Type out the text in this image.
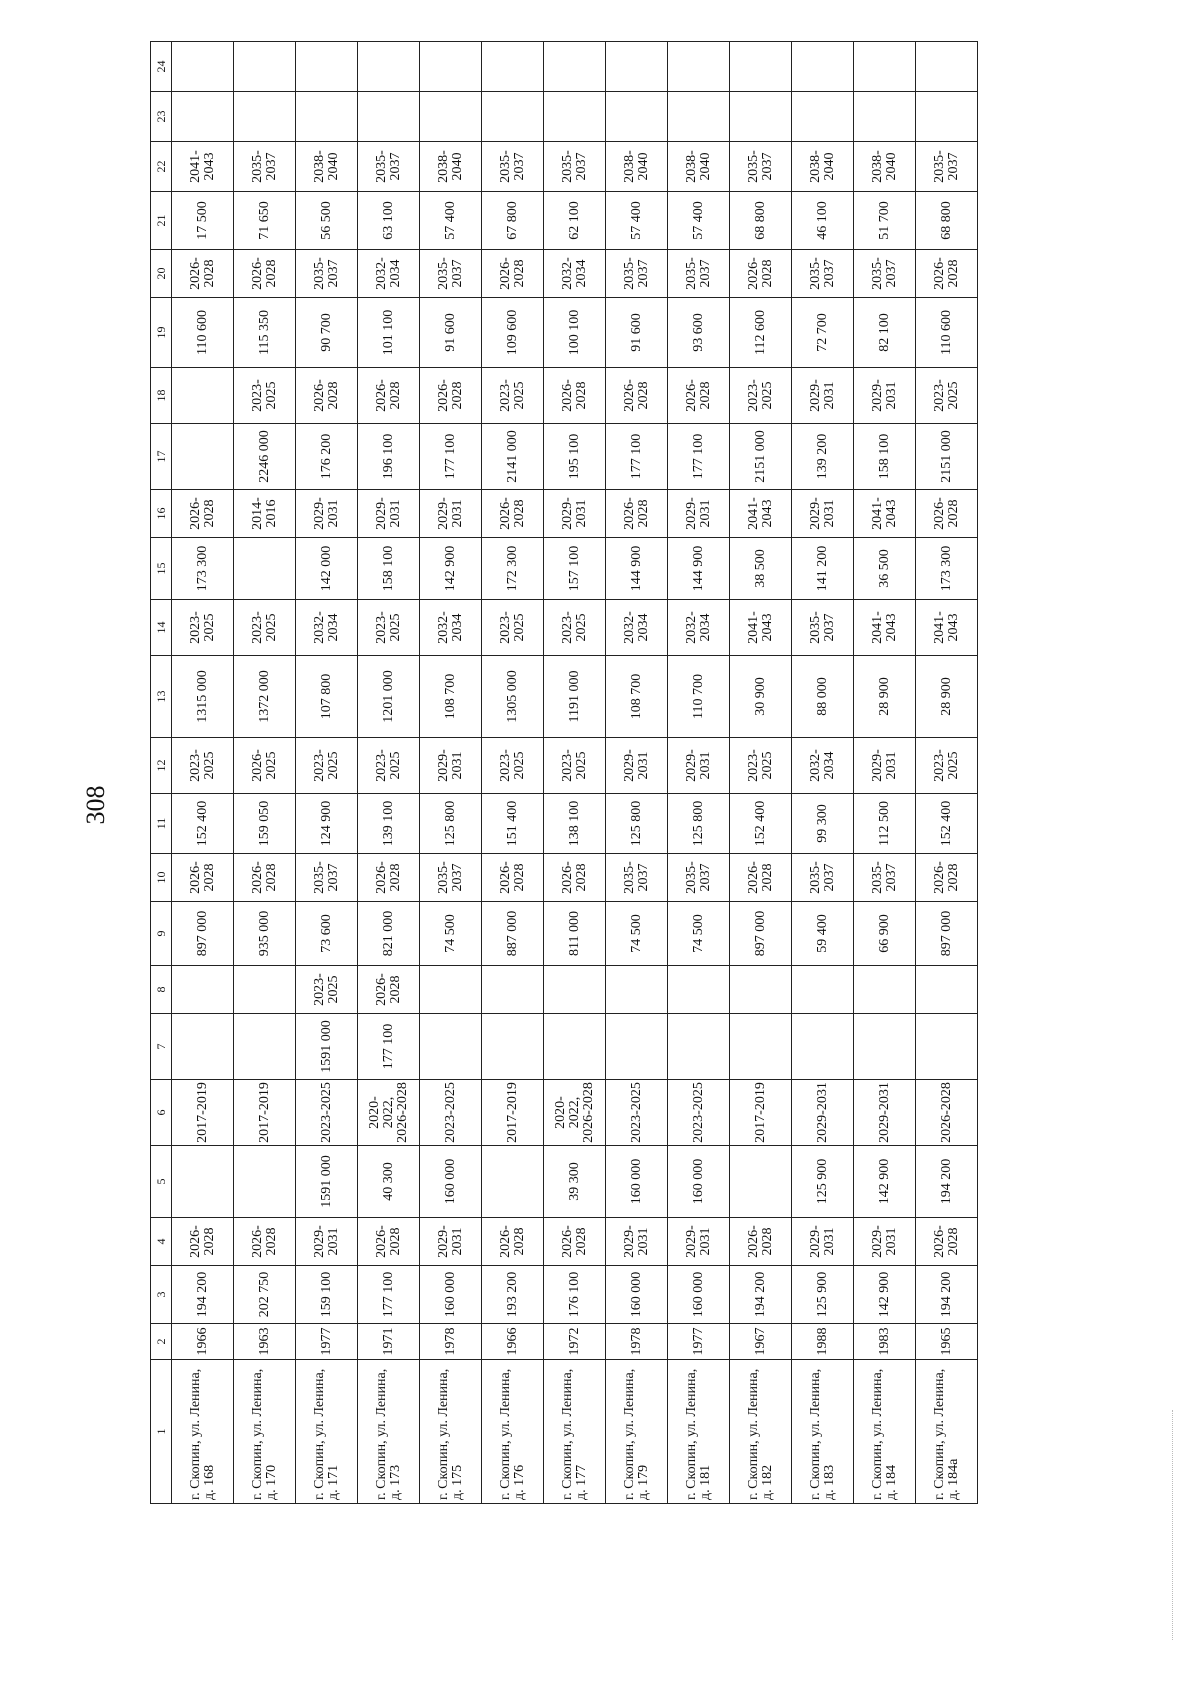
308
1	2	3	4	5	6	7	8	9	10	11	12	13	14	15	16	17	18	19	20	21	22	23	24
г. Скопин, ул. Ленина, д. 168	1966	194 200	2026-2028		2017-2019			897 000	2026-2028	152 400	2023-2025	1315 000	2023-2025	173 300	2026-2028			110 600	2026-2028	17 500	2041-2043		
г. Скопин, ул. Ленина, д. 170	1963	202 750	2026-2028		2017-2019			935 000	2026-2028	159 050	2026-2025	1372 000	2023-2025		2014-2016	2246 000	2023-2025	115 350	2026-2028	71 650	2035-2037		
г. Скопин, ул. Ленина, д. 171	1977	159 100	2029-2031	1591 000	2023-2025	1591 000	2023-2025	73 600	2035-2037	124 900	2023-2025	107 800	2032-2034	142 000	2029-2031	176 200	2026-2028	90 700	2035-2037	56 500	2038-2040		
г. Скопин, ул. Ленина, д. 173	1971	177 100	2026-2028	40 300	2020-2022, 2026-2028	177 100	2026-2028	821 000	2026-2028	139 100	2023-2025	1201 000	2023-2025	158 100	2029-2031	196 100	2026-2028	101 100	2032-2034	63 100	2035-2037		
г. Скопин, ул. Ленина, д. 175	1978	160 000	2029-2031	160 000	2023-2025			74 500	2035-2037	125 800	2029-2031	108 700	2032-2034	142 900	2029-2031	177 100	2026-2028	91 600	2035-2037	57 400	2038-2040		
г. Скопин, ул. Ленина, д. 176	1966	193 200	2026-2028		2017-2019			887 000	2026-2028	151 400	2023-2025	1305 000	2023-2025	172 300	2026-2028	2141 000	2023-2025	109 600	2026-2028	67 800	2035-2037		
г. Скопин, ул. Ленина, д. 177	1972	176 100	2026-2028	39 300	2020-2022, 2026-2028			811 000	2026-2028	138 100	2023-2025	1191 000	2023-2025	157 100	2029-2031	195 100	2026-2028	100 100	2032-2034	62 100	2035-2037		
г. Скопин, ул. Ленина, д. 179	1978	160 000	2029-2031	160 000	2023-2025			74 500	2035-2037	125 800	2029-2031	108 700	2032-2034	144 900	2026-2028	177 100	2026-2028	91 600	2035-2037	57 400	2038-2040		
г. Скопин, ул. Ленина, д. 181	1977	160 000	2029-2031	160 000	2023-2025			74 500	2035-2037	125 800	2029-2031	110 700	2032-2034	144 900	2029-2031	177 100	2026-2028	93 600	2035-2037	57 400	2038-2040		
г. Скопин, ул. Ленина, д. 182	1967	194 200	2026-2028		2017-2019			897 000	2026-2028	152 400	2023-2025	30 900	2041-2043	38 500	2041-2043	2151 000	2023-2025	112 600	2026-2028	68 800	2035-2037		
г. Скопин, ул. Ленина, д. 183	1988	125 900	2029-2031	125 900	2029-2031			59 400	2035-2037	99 300	2032-2034	88 000	2035-2037	141 200	2029-2031	139 200	2029-2031	72 700	2035-2037	46 100	2038-2040		
г. Скопин, ул. Ленина, д. 184	1983	142 900	2029-2031	142 900	2029-2031			66 900	2035-2037	112 500	2029-2031	28 900	2041-2043	36 500	2041-2043	158 100	2029-2031	82 100	2035-2037	51 700	2038-2040		
г. Скопин, ул. Ленина, д. 184а	1965	194 200	2026-2028	194 200	2026-2028			897 000	2026-2028	152 400	2023-2025	28 900	2041-2043	173 300	2026-2028	2151 000	2023-2025	110 600	2026-2028	68 800	2035-2037		
